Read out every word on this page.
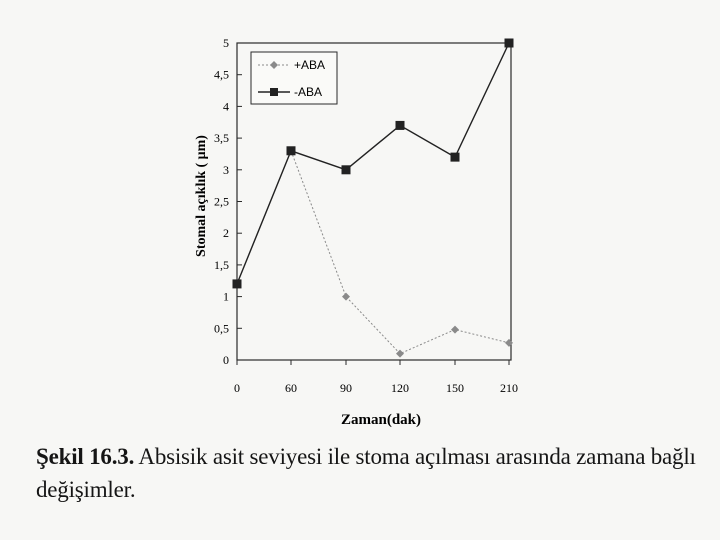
0
0,5
1
1,5
2
2,5
3
3,5
4
4,5
5
0	60	90	120	150	210
+ABA
-ABA
Zaman(dak)
Stomal açıklık ( μm)
Şekil 16.3. Absisik asit seviyesi ile stoma açılması arasında zamana bağlı değişimler.
